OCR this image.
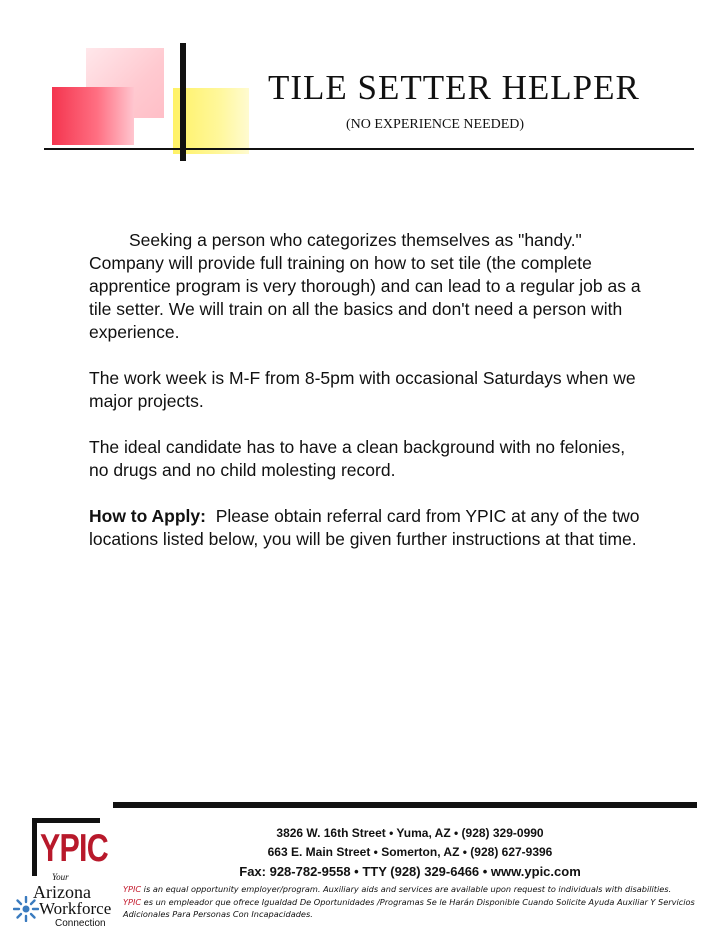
TILE SETTER HELPER
(NO EXPERIENCE NEEDED)

Seeking a person who categorizes themselves as "handy." Company will provide full training on how to set tile (the complete apprentice program is very thorough) and can lead to a regular job as a tile setter. We will train on all the basics and don't need a person with experience.

The work week is M-F from 8-5pm with occasional Saturdays when we major projects.

The ideal candidate has to have a clean background with no felonies, no drugs and no child molesting record.

How to Apply: Please obtain referral card from YPIC at any of the two locations listed below, you will be given further instructions at that time.

YPIC
Your
Arizona
Workforce
Connection
3826 W. 16th Street • Yuma, AZ • (928) 329-0990
663 E. Main Street • Somerton, AZ • (928) 627-9396
Fax: 928-782-9558 • TTY (928) 329-6466 • www.ypic.com
YPIC is an equal opportunity employer/program. Auxiliary aids and services are available upon request to individuals with disabilities.
YPIC es un empleador que ofrece Igualdad De Oportunidades /Programas Se le Harán Disponible Cuando Solicite Ayuda Auxiliar Y Servicios Adicionales Para Personas Con Incapacidades.
